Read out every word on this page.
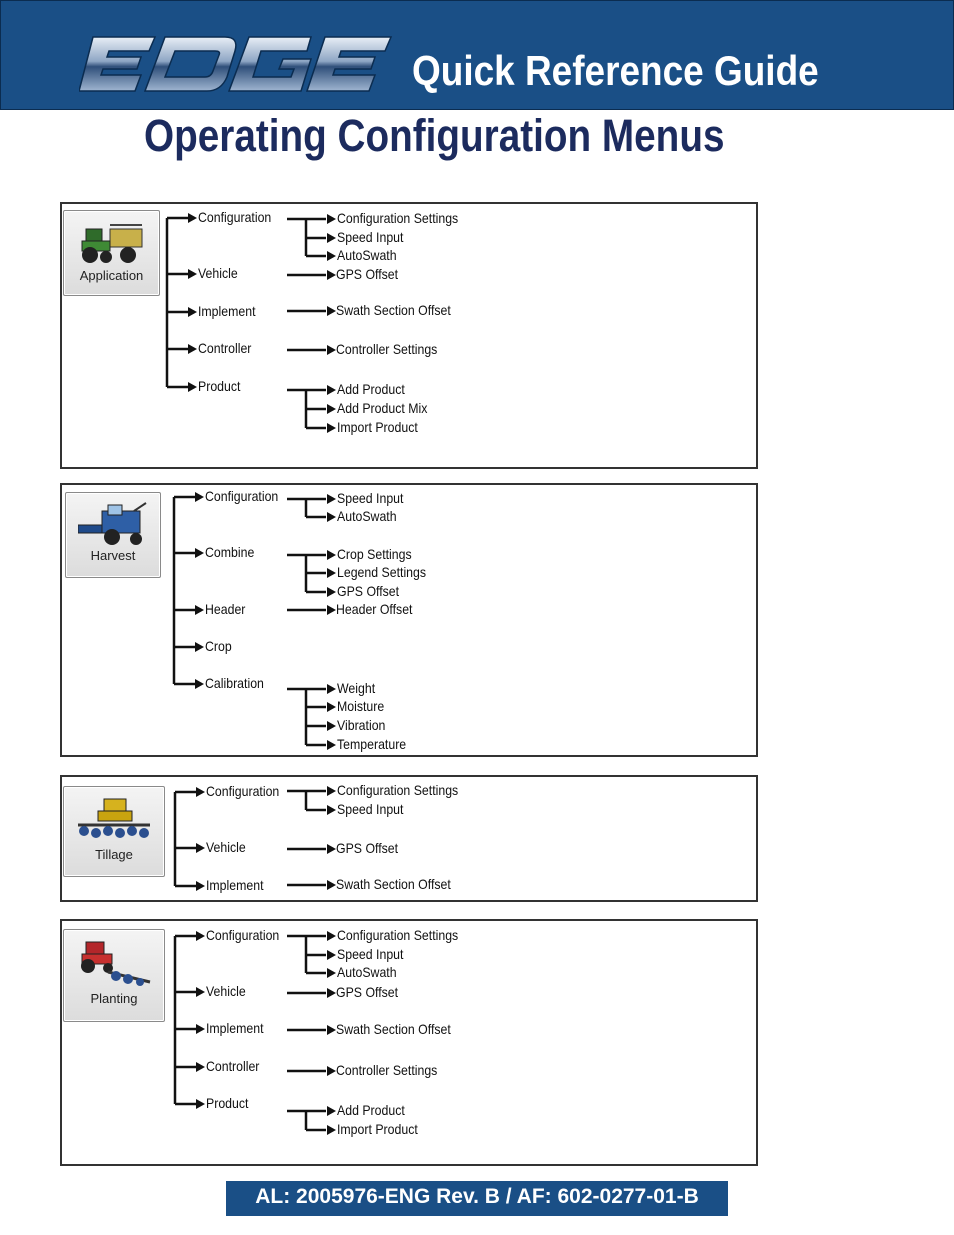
Quick Reference Guide
Operating Configuration Menus
Application
Harvest
Tillage
Planting
Configuration	Configuration Settings
Speed Input
AutoSwath
Vehicle	GPS Offset
Implement	Swath Section Offset
Controller	Controller Settings
Product	Add Product
Add Product Mix
Import Product
Configuration	Speed Input
AutoSwath
Combine	Crop Settings
Legend Settings
GPS Offset
Header	Header Offset
Crop
Calibration	Weight
Moisture
Vibration
Temperature
Configuration	Configuration Settings
Speed Input
Vehicle	GPS Offset
Implement	Swath Section Offset
Configuration	Configuration Settings
Speed Input
AutoSwath
Vehicle	GPS Offset
Implement	Swath Section Offset
Controller	Controller Settings
Product	Add Product
Import Product
AL: 2005976-ENG Rev. B / AF: 602-0277-01-B
